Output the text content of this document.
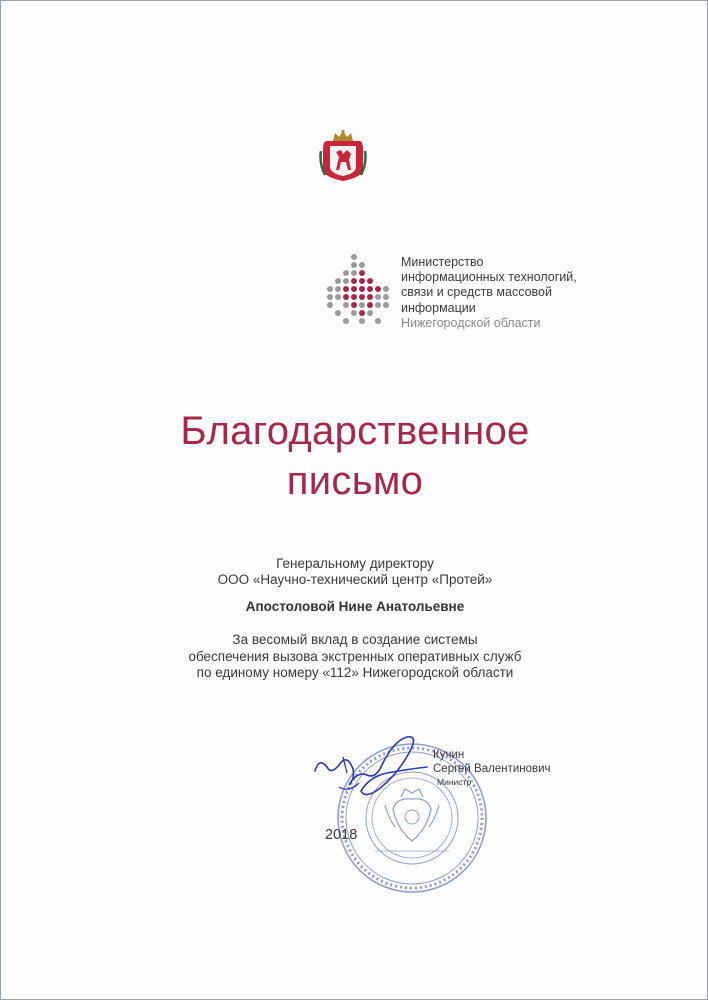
Министерство
информационных технологий,
связи и средств массовой
информации
Нижегородской области
Благодарственное
письмо
Генеральному директору
ООО «Научно-технический центр «Протей»
Апостоловой Нине Анатольевне
За весомый вклад в создание системы
обеспечения вызова экстренных оперативных служб
по единому номеру «112» Нижегородской области
Кучин
Сергей Валентинович
Министр
2018
